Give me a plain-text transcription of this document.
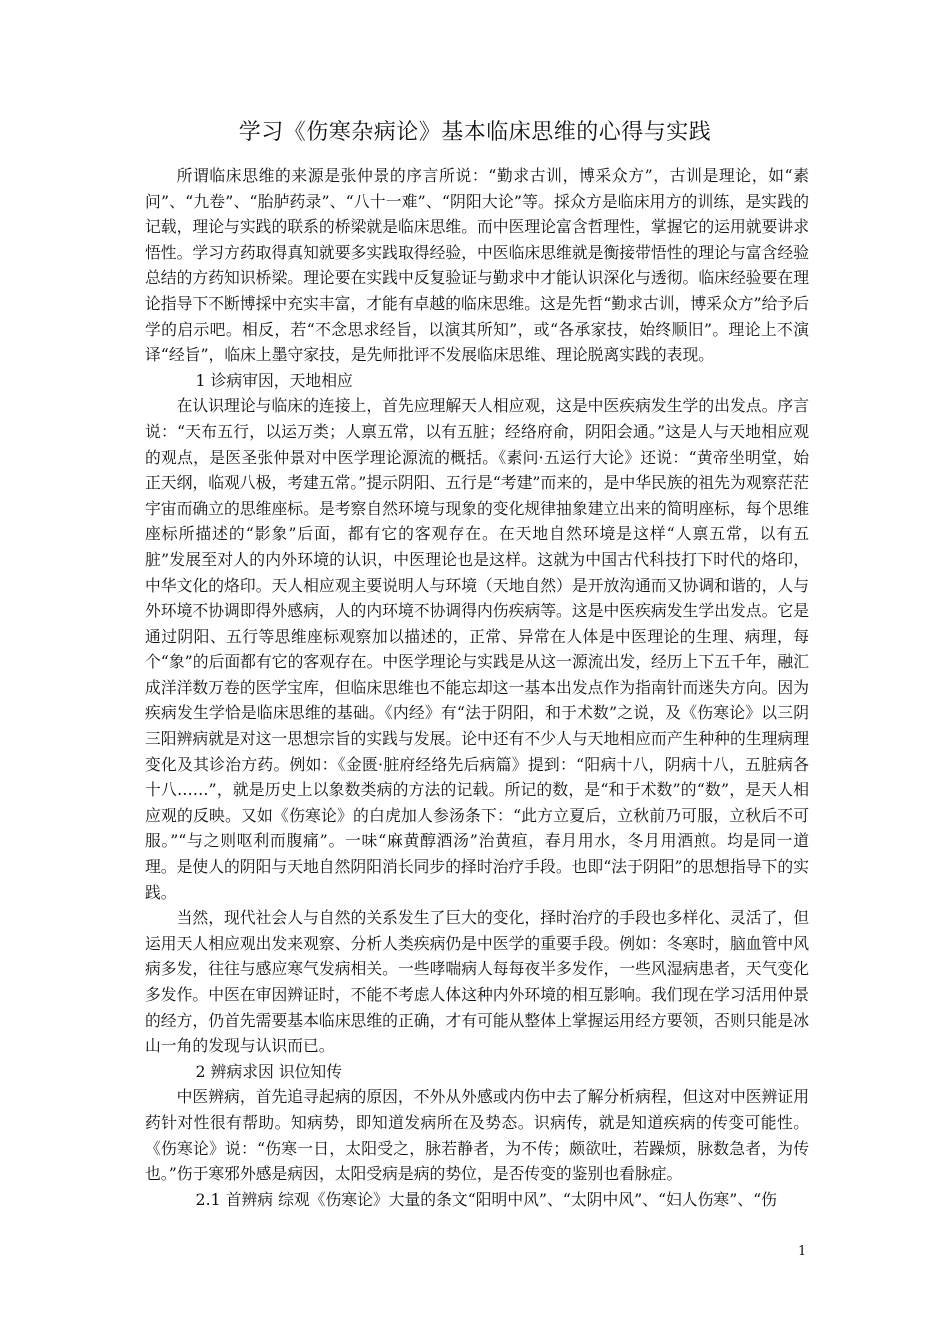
学习《伤寒杂病论》基本临床思维的心得与实践

所谓临床思维的来源是张仲景的序言所说：“勤求古训，博采众方”，古训是理论，如“素问”、“九卷”、“胎胪药录”、“八十一难”、“阴阳大论”等。採众方是临床用方的训练，是实践的记载，理论与实践的联系的桥梁就是临床思维。而中医理论富含哲理性，掌握它的运用就要讲求悟性。学习方药取得真知就要多实践取得经验，中医临床思维就是衡接带悟性的理论与富含经验总结的方药知识桥梁。理论要在实践中反复验证与勤求中才能认识深化与透彻。临床经验要在理论指导下不断博採中充实丰富，才能有卓越的临床思维。这是先哲“勤求古训，博采众方”给予后学的启示吧。相反，若“不念思求经旨，以演其所知”，或“各承家技，始终顺旧”。理论上不演译“经旨”，临床上墨守家技，是先师批评不发展临床思维、理论脱离实践的表现。

1 诊病审因，天地相应

在认识理论与临床的连接上，首先应理解天人相应观，这是中医疾病发生学的出发点。序言说：“天布五行，以运万类；人禀五常，以有五脏；经络府俞，阴阳会通。”这是人与天地相应观的观点，是医圣张仲景对中医学理论源流的概括。《素问·五运行大论》还说：“黄帝坐明堂，始正天纲，临观八极，考建五常。”提示阴阳、五行是“考建”而来的，是中华民族的祖先为观察茫茫宇宙而确立的思维座标。是考察自然环境与现象的变化规律抽象建立出来的简明座标，每个思维座标所描述的“影象”后面，都有它的客观存在。在天地自然环境是这样“人禀五常，以有五脏”发展至对人的内外环境的认识，中医理论也是这样。这就为中国古代科技打下时代的烙印，中华文化的烙印。天人相应观主要说明人与环境（天地自然）是开放沟通而又协调和谐的，人与外环境不协调即得外感病，人的内环境不协调得内伤疾病等。这是中医疾病发生学出发点。它是通过阴阳、五行等思维座标观察加以描述的，正常、异常在人体是中医理论的生理、病理，每个“象”的后面都有它的客观存在。中医学理论与实践是从这一源流出发，经历上下五千年，融汇成洋洋数万卷的医学宝库，但临床思维也不能忘却这一基本出发点作为指南针而迷失方向。因为疾病发生学恰是临床思维的基础。《内经》有“法于阴阳，和于术数”之说，及《伤寒论》以三阴三阳辨病就是对这一思想宗旨的实践与发展。论中还有不少人与天地相应而产生种种的生理病理变化及其诊治方药。例如：《金匮·脏府经络先后病篇》提到：“阳病十八，阴病十八，五脏病各十八……”，就是历史上以象数类病的方法的记载。所记的数，是“和于术数”的“数”，是天人相应观的反映。又如《伤寒论》的白虎加人参汤条下：“此方立夏后，立秋前乃可服，立秋后不可服。”“与之则呕利而腹痛”。一味“麻黄醇酒汤”治黄疸，春月用水，冬月用酒煎。均是同一道理。是使人的阴阳与天地自然阴阳消长同步的择时治疗手段。也即“法于阴阳”的思想指导下的实践。

当然，现代社会人与自然的关系发生了巨大的变化，择时治疗的手段也多样化、灵活了，但运用天人相应观出发来观察、分析人类疾病仍是中医学的重要手段。例如：冬寒时，脑血管中风病多发，往往与感应寒气发病相关。一些哮喘病人每每夜半多发作，一些风湿病患者，天气变化多发作。中医在审因辨证时，不能不考虑人体这种内外环境的相互影响。我们现在学习活用仲景的经方，仍首先需要基本临床思维的正确，才有可能从整体上掌握运用经方要领，否则只能是冰山一角的发现与认识而已。

2 辨病求因 识位知传

中医辨病，首先追寻起病的原因，不外从外感或内伤中去了解分析病程，但这对中医辨证用药针对性很有帮助。知病势，即知道发病所在及势态。识病传，就是知道疾病的传变可能性。《伤寒论》说：“伤寒一日，太阳受之，脉若静者，为不传；颇欲吐，若躁烦，脉数急者，为传也。”伤于寒邪外感是病因，太阳受病是病的势位，是否传变的鉴别也看脉症。

2.1 首辨病 综观《伤寒论》大量的条文“阳明中风”、“太阴中风”、“妇人伤寒”、“伤

1
